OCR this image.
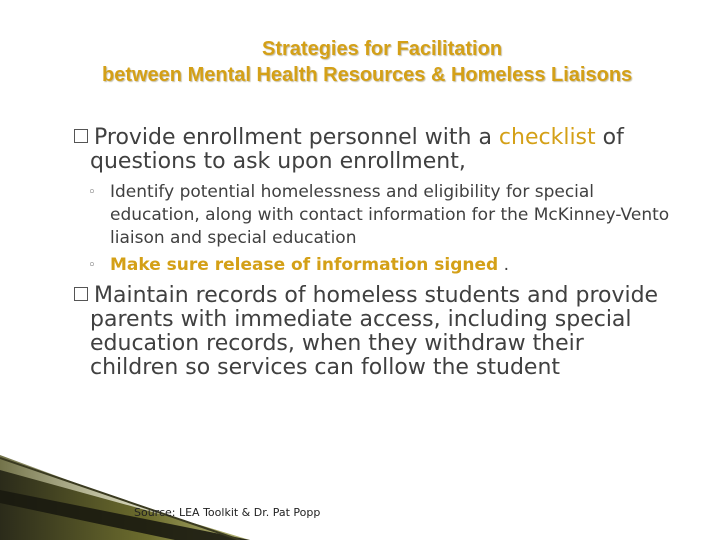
Strategies for Facilitation
between Mental Health Resources & Homeless Liaisons
Provide enrollment personnel with a checklist of questions to ask upon enrollment,
◦ Identify potential homelessness and eligibility for special education, along with contact information for the McKinney-Vento liaison and special education
◦ Make sure release of information signed .
Maintain records of homeless students and provide parents with immediate access, including special education records, when they withdraw their children so services can follow the student
Source: LEA Toolkit & Dr. Pat Popp
